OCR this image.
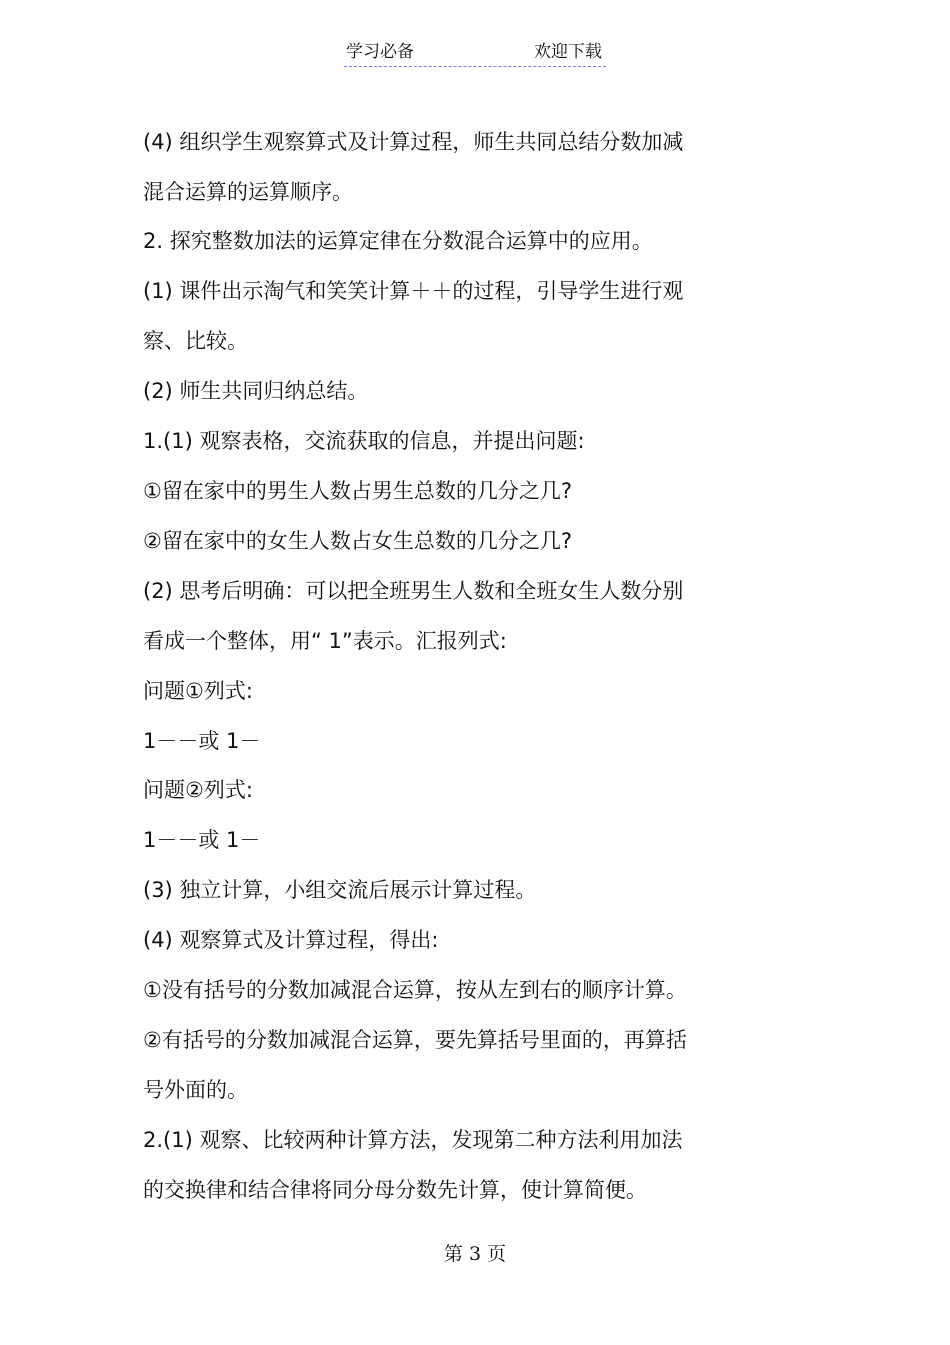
学习必备	欢迎下载
(4) 组织学生观察算式及计算过程，师生共同总结分数加减
混合运算的运算顺序。
2. 探究整数加法的运算定律在分数混合运算中的应用。
(1) 课件出示淘气和笑笑计算＋＋的过程，引导学生进行观
察、比较。
(2) 师生共同归纳总结。
1.(1) 观察表格，交流获取的信息，并提出问题:
①留在家中的男生人数占男生总数的几分之几?
②留在家中的女生人数占女生总数的几分之几?
(2) 思考后明确：可以把全班男生人数和全班女生人数分别
看成一个整体，用“ 1”表示。汇报列式:
问题①列式:
1－－或 1－
问题②列式:
1－－或 1－
(3) 独立计算，小组交流后展示计算过程。
(4) 观察算式及计算过程，得出:
①没有括号的分数加减混合运算，按从左到右的顺序计算。
②有括号的分数加减混合运算，要先算括号里面的，再算括
号外面的。
2.(1) 观察、比较两种计算方法，发现第二种方法利用加法
的交换律和结合律将同分母分数先计算，使计算简便。
第 3 页
